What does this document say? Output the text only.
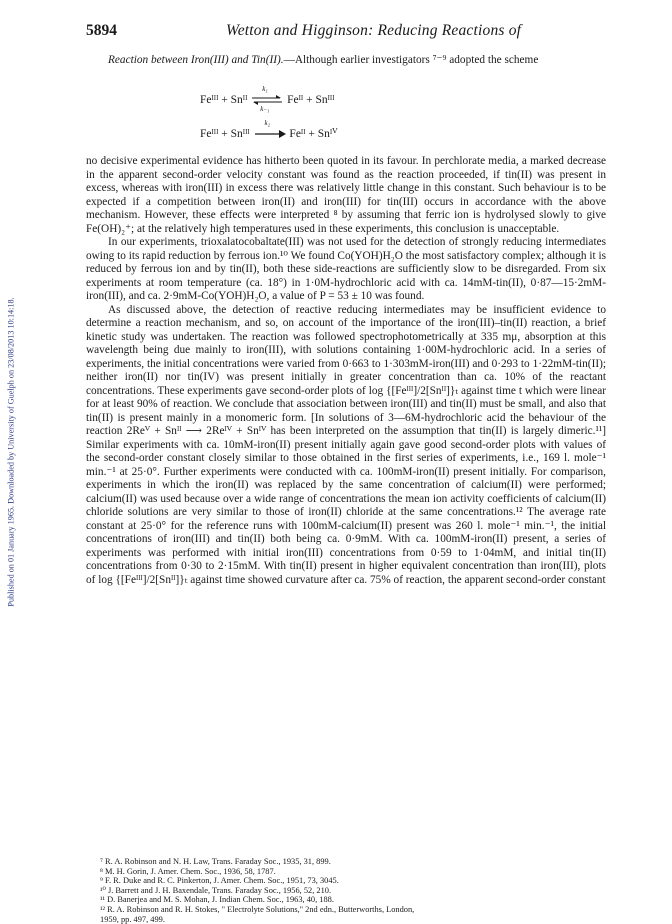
Published on 01 January 1965. Downloaded by University of Guelph on 23/08/2013 10:14:18.
5894	Wetton and Higginson: Reducing Reactions of

Reaction between Iron(III) and Tin(II).—Although earlier investigators ⁷⁻⁹ adopted the scheme

Feᴵᴵᴵ + Snᴵᴵ
k₁
k₋₁
Feᴵᴵ + Snᴵᴵᴵ
Feᴵᴵᴵ + Snᴵᴵᴵ
k₂
Feᴵᴵ + Snᴵⱽ

no decisive experimental evidence has hitherto been quoted in its favour. In perchlorate media, a marked decrease in the apparent second-order velocity constant was found as the reaction proceeded, if tin(II) was present in excess, whereas with iron(III) in excess there was relatively little change in this constant. Such behaviour is to be expected if a competition between iron(II) and iron(III) for tin(III) occurs in accordance with the above mechanism. However, these effects were interpreted ⁸ by assuming that ferric ion is hydrolysed slowly to give Fe(OH)₂⁺; at the relatively high temperatures used in these experiments, this conclusion is unacceptable.

In our experiments, trioxalatocobaltate(III) was not used for the detection of strongly reducing intermediates owing to its rapid reduction by ferrous ion.¹⁰ We found Co(YOH)H₂O the most satisfactory complex; although it is reduced by ferrous ion and by tin(II), both these side-reactions are sufficiently slow to be disregarded. From six experiments at room temperature (ca. 18°) in 1·0M-hydrochloric acid with ca. 14mM-tin(II), 0·87—15·2mM-iron(III), and ca. 2·9mM-Co(YOH)H₂O, a value of P = 53 ± 10 was found.

As discussed above, the detection of reactive reducing intermediates may be insufficient evidence to determine a reaction mechanism, and so, on account of the importance of the iron(III)–tin(II) reaction, a brief kinetic study was undertaken. The reaction was followed spectrophotometrically at 335 mμ, absorption at this wavelength being due mainly to iron(III), with solutions containing 1·00M-hydrochloric acid. In a series of experiments, the initial concentrations were varied from 0·663 to 1·303mM-iron(III) and 0·293 to 1·22mM-tin(II); neither iron(II) nor tin(IV) was present initially in greater concentration than ca. 10% of the reactant concentrations. These experiments gave second-order plots of log {[Feᴵᴵᴵ]/2[Snᴵᴵ]}ₜ against time t which were linear for at least 90% of reaction. We conclude that association between iron(III) and tin(II) must be small, and also that tin(II) is present mainly in a monomeric form. [In solutions of 3—6M-hydrochloric acid the behaviour of the reaction 2Reⱽ + Snᴵᴵ ⟶ 2Reᴵⱽ + Snᴵⱽ has been interpreted on the assumption that tin(II) is largely dimeric.¹¹] Similar experiments with ca. 10mM-iron(II) present initially again gave good second-order plots with values of the second-order constant closely similar to those obtained in the first series of experiments, i.e., 169 l. mole⁻¹ min.⁻¹ at 25·0°. Further experiments were conducted with ca. 100mM-iron(II) present initially. For comparison, experiments in which the iron(II) was replaced by the same concentration of calcium(II) were performed; calcium(II) was used because over a wide range of concentrations the mean ion activity coefficients of calcium(II) chloride solutions are very similar to those of iron(II) chloride at the same concentrations.¹² The average rate constant at 25·0° for the reference runs with 100mM-calcium(II) present was 260 l. mole⁻¹ min.⁻¹, the initial concentrations of iron(III) and tin(II) both being ca. 0·9mM. With ca. 100mM-iron(II) present, a series of experiments was performed with initial iron(III) concentrations from 0·59 to 1·04mM, and initial tin(II) concentrations from 0·30 to 2·15mM. With tin(II) present in higher equivalent concentration than iron(III), plots of log {[Feᴵᴵᴵ]/2[Snᴵᴵ]}ₜ against time showed curvature after ca. 75% of reaction, the apparent second-order constant

⁷ R. A. Robinson and N. H. Law, Trans. Faraday Soc., 1935, 31, 899.
⁸ M. H. Gorin, J. Amer. Chem. Soc., 1936, 58, 1787.
⁹ F. R. Duke and R. C. Pinkerton, J. Amer. Chem. Soc., 1951, 73, 3045.
¹⁰ J. Barrett and J. H. Baxendale, Trans. Faraday Soc., 1956, 52, 210.
¹¹ D. Banerjea and M. S. Mohan, J. Indian Chem. Soc., 1963, 40, 188.
¹² R. A. Robinson and R. H. Stokes, " Electrolyte Solutions," 2nd edn., Butterworths, London,
1959, pp. 497, 499.
